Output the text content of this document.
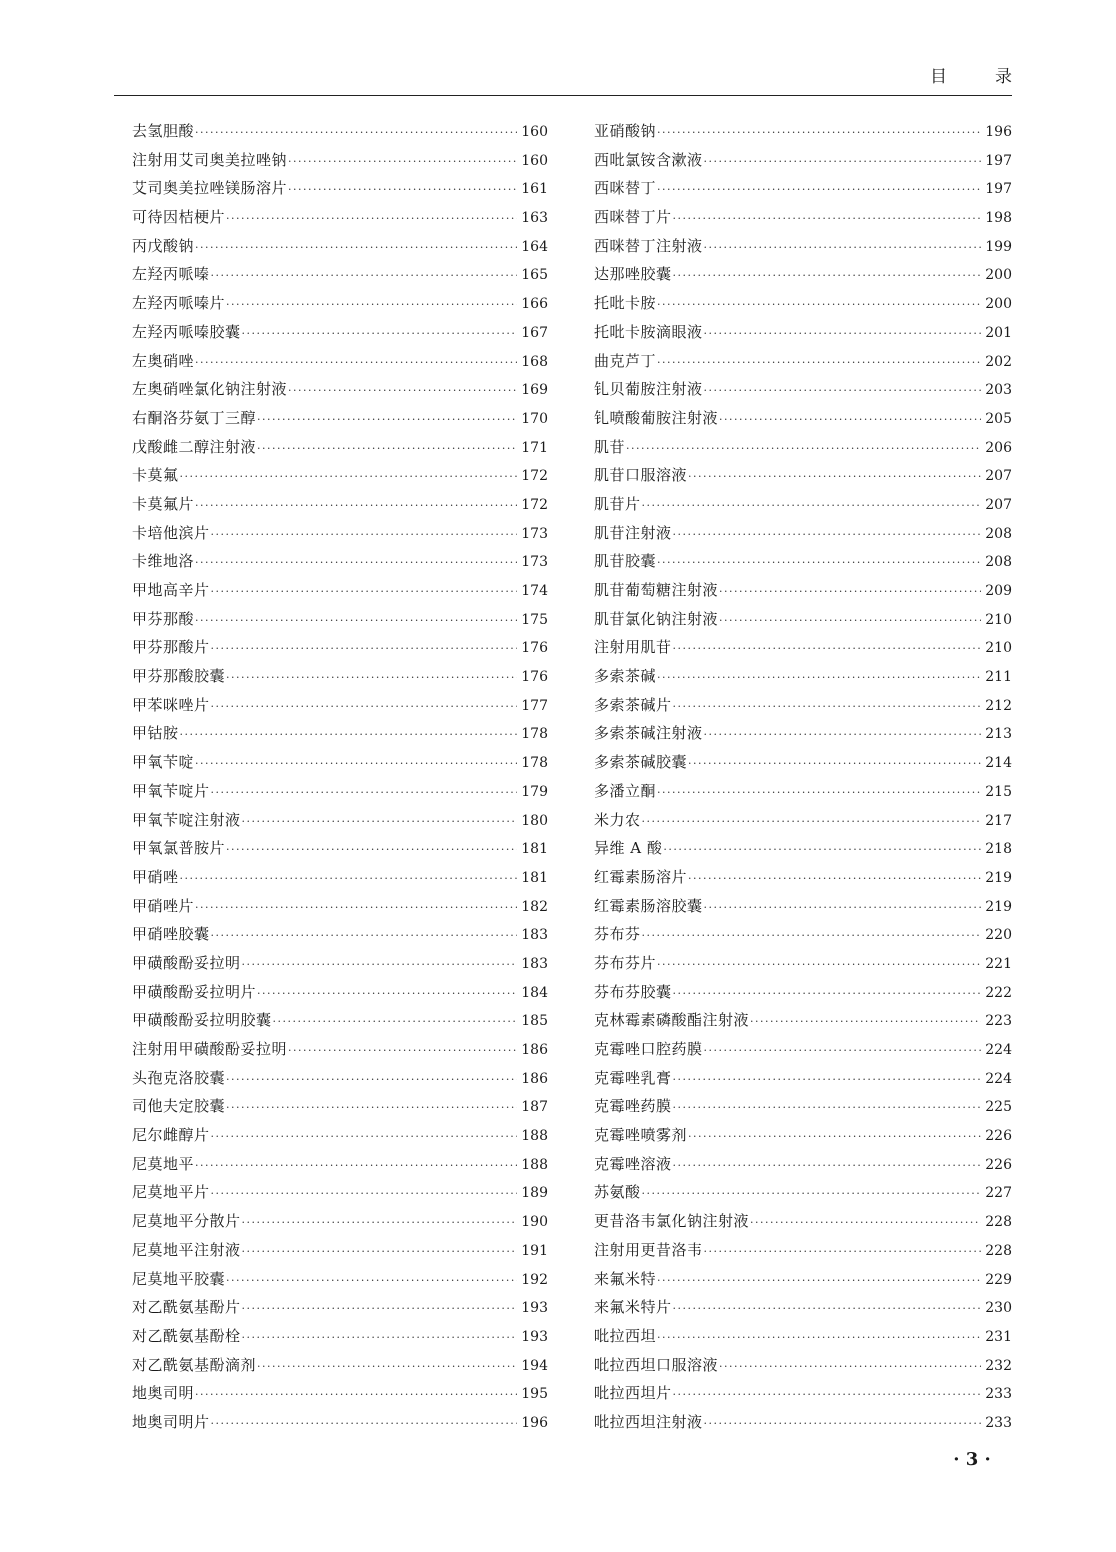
目	录
去氢胆酸 ·····	160
注射用艾司奥美拉唑钠 ·····	160
艾司奥美拉唑镁肠溶片 ·····	161
可待因桔梗片 ·····	163
丙戊酸钠 ·····	164
左羟丙哌嗪 ·····	165
左羟丙哌嗪片 ·····	166
左羟丙哌嗪胶囊 ·····	167
左奥硝唑 ·····	168
左奥硝唑氯化钠注射液 ·····	169
右酮洛芬氨丁三醇 ·····	170
戊酸雌二醇注射液 ·····	171
卡莫氟 ·····	172
卡莫氟片 ·····	172
卡培他滨片 ·····	173
卡维地洛 ·····	173
甲地高辛片 ·····	174
甲芬那酸 ·····	175
甲芬那酸片 ·····	176
甲芬那酸胶囊 ·····	176
甲苯咪唑片 ·····	177
甲钴胺 ·····	178
甲氧苄啶 ·····	178
甲氧苄啶片 ·····	179
甲氧苄啶注射液 ·····	180
甲氧氯普胺片 ·····	181
甲硝唑 ·····	181
甲硝唑片 ·····	182
甲硝唑胶囊 ·····	183
甲磺酸酚妥拉明 ·····	183
甲磺酸酚妥拉明片 ·····	184
甲磺酸酚妥拉明胶囊 ·····	185
注射用甲磺酸酚妥拉明 ·····	186
头孢克洛胶囊 ·····	186
司他夫定胶囊 ·····	187
尼尔雌醇片 ·····	188
尼莫地平 ·····	188
尼莫地平片 ·····	189
尼莫地平分散片 ·····	190
尼莫地平注射液 ·····	191
尼莫地平胶囊 ·····	192
对乙酰氨基酚片 ·····	193
对乙酰氨基酚栓 ·····	193
对乙酰氨基酚滴剂 ·····	194
地奥司明 ·····	195
地奥司明片 ·····	196
亚硝酸钠 ·····	196
西吡氯铵含漱液 ·····	197
西咪替丁 ·····	197
西咪替丁片 ·····	198
西咪替丁注射液 ·····	199
达那唑胶囊 ·····	200
托吡卡胺 ·····	200
托吡卡胺滴眼液 ·····	201
曲克芦丁 ·····	202
钆贝葡胺注射液 ·····	203
钆喷酸葡胺注射液 ·····	205
肌苷 ·····	206
肌苷口服溶液 ·····	207
肌苷片 ·····	207
肌苷注射液 ·····	208
肌苷胶囊 ·····	208
肌苷葡萄糖注射液 ·····	209
肌苷氯化钠注射液 ·····	210
注射用肌苷 ·····	210
多索茶碱 ·····	211
多索茶碱片 ·····	212
多索茶碱注射液 ·····	213
多索茶碱胶囊 ·····	214
多潘立酮 ·····	215
米力农 ·····	217
异维 A 酸 ·····	218
红霉素肠溶片 ·····	219
红霉素肠溶胶囊 ·····	219
芬布芬 ·····	220
芬布芬片 ·····	221
芬布芬胶囊 ·····	222
克林霉素磷酸酯注射液 ·····	223
克霉唑口腔药膜 ·····	224
克霉唑乳膏 ·····	224
克霉唑药膜 ·····	225
克霉唑喷雾剂 ·····	226
克霉唑溶液 ·····	226
苏氨酸 ·····	227
更昔洛韦氯化钠注射液 ·····	228
注射用更昔洛韦 ·····	228
来氟米特 ·····	229
来氟米特片 ·····	230
吡拉西坦 ·····	231
吡拉西坦口服溶液 ·····	232
吡拉西坦片 ·····	233
吡拉西坦注射液 ·····	233
· 3 ·
